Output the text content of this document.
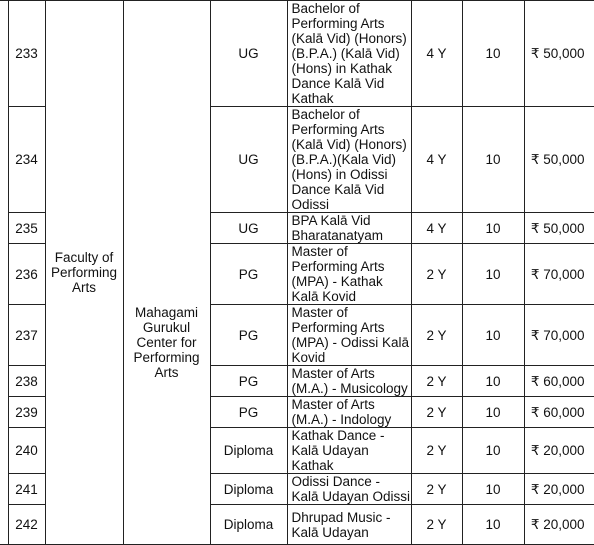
	233	Faculty of Performing Arts	Mahagami Gurukul Center for Performing Arts	UG	Bachelor of Performing Arts (Kalā Vid) (Honors) (B.P.A.) (Kalā Vid) (Hons) in Kathak Dance Kalā Vid Kathak	4 Y	10	₹ 50,000
	234			UG	Bachelor of Performing Arts (Kalā Vid) (Honors) (B.P.A.)(Kala Vid) (Hons) in Odissi Dance Kalā Vid Odissi	4 Y	10	₹ 50,000
	235			UG	BPA Kalā Vid Bharatanatyam	4 Y	10	₹ 50,000
	236			PG	Master of Performing Arts (MPA) - Kathak Kalā Kovid	2 Y	10	₹ 70,000
	237			PG	Master of Performing Arts (MPA) - Odissi Kalā Kovid	2 Y	10	₹ 70,000
	238			PG	Master of Arts (M.A.) - Musicology	2 Y	10	₹ 60,000
	239			PG	Master of Arts (M.A.) - Indology	2 Y	10	₹ 60,000
	240			Diploma	Kathak Dance - Kalā Udayan Kathak	2 Y	10	₹ 20,000
	241			Diploma	Odissi Dance - Kalā Udayan Odissi	2 Y	10	₹ 20,000
	242			Diploma	Dhrupad Music - Kalā Udayan	2 Y	10	₹ 20,000
